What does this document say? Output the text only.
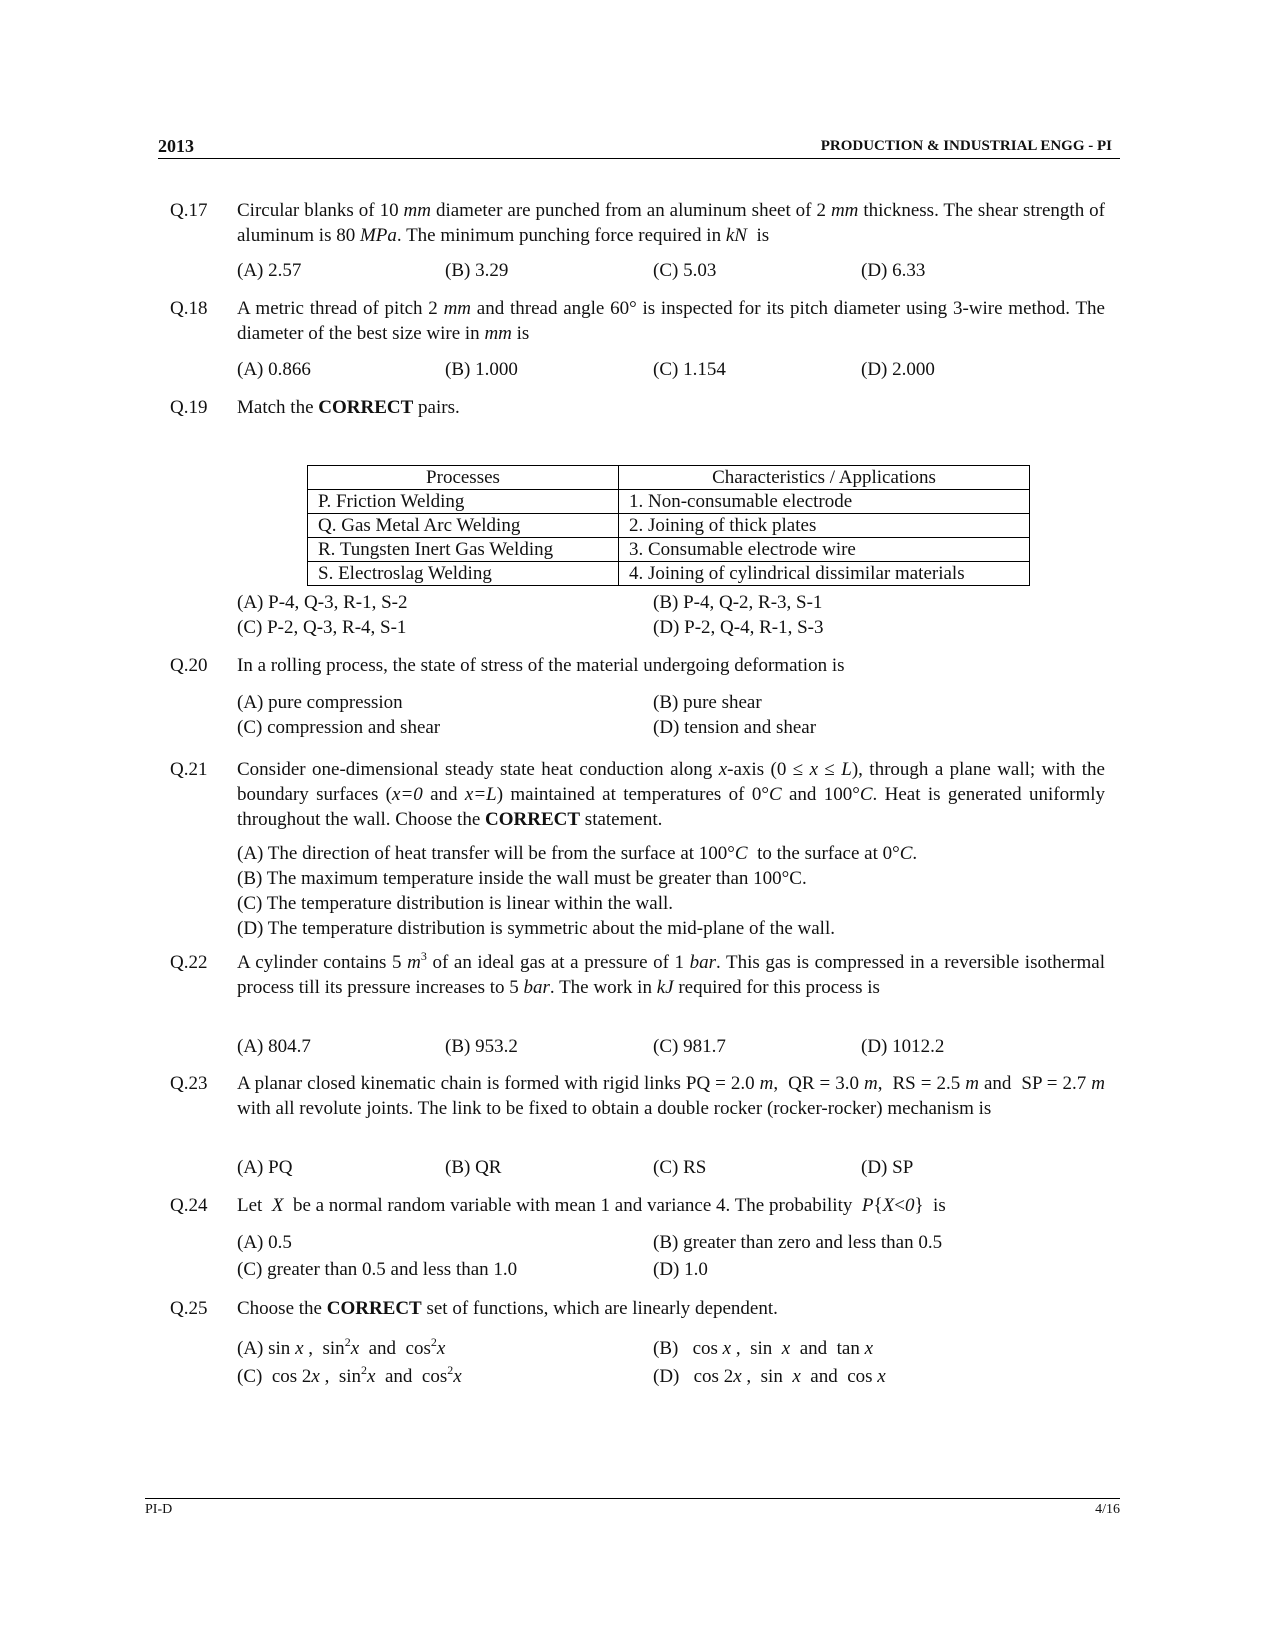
2013	PRODUCTION & INDUSTRIAL ENGG - PI
Q.17	Circular blanks of 10 mm diameter are punched from an aluminum sheet of 2 mm thickness. The shear strength of aluminum is 80 MPa. The minimum punching force required in kN  is
(A) 2.57	(B) 3.29	(C) 5.03	(D) 6.33
Q.18	A metric thread of pitch 2 mm and thread angle 60° is inspected for its pitch diameter using 3-wire method. The diameter of the best size wire in mm is
(A) 0.866	(B) 1.000	(C) 1.154	(D) 2.000
Q.19	Match the CORRECT pairs.
Processes	Characteristics / Applications
P. Friction Welding	1. Non-consumable electrode
Q. Gas Metal Arc Welding	2. Joining of thick plates
R. Tungsten Inert Gas Welding	3. Consumable electrode wire
S. Electroslag Welding	4. Joining of cylindrical dissimilar materials
(A) P-4, Q-3, R-1, S-2	(B) P-4, Q-2, R-3, S-1
(C) P-2, Q-3, R-4, S-1	(D) P-2, Q-4, R-1, S-3
Q.20	In a rolling process, the state of stress of the material undergoing deformation is
(A) pure compression	(B) pure shear
(C) compression and shear	(D) tension and shear
Q.21	Consider one-dimensional steady state heat conduction along x-axis (0 ≤ x ≤ L), through a plane wall; with the boundary surfaces (x=0 and x=L) maintained at temperatures of 0°C and 100°C. Heat is generated uniformly throughout the wall. Choose the CORRECT statement.
(A) The direction of heat transfer will be from the surface at 100°C  to the surface at 0°C.
(B) The maximum temperature inside the wall must be greater than 100°C.
(C) The temperature distribution is linear within the wall.
(D) The temperature distribution is symmetric about the mid-plane of the wall.
Q.22	A cylinder contains 5 $m^3$ of an ideal gas at a pressure of 1 bar. This gas is compressed in a reversible isothermal process till its pressure increases to 5 bar. The work in kJ required for this process is
(A) 804.7	(B) 953.2	(C) 981.7	(D) 1012.2
Q.23	A planar closed kinematic chain is formed with rigid links PQ = 2.0 m,  QR = 3.0 m,  RS = 2.5 m and  SP = 2.7 m with all revolute joints. The link to be fixed to obtain a double rocker (rocker-rocker) mechanism is
(A) PQ	(B) QR	(C) RS	(D) SP
Q.24	Let  X  be a normal random variable with mean 1 and variance 4. The probability  P{X<0}  is
(A) 0.5	(B) greater than zero and less than 0.5
(C) greater than 0.5 and less than 1.0	(D) 1.0
Q.25	Choose the CORRECT set of functions, which are linearly dependent.
(A) sin x ,  $\sin^2x$  and  $\cos^2x$	(B)   cos x ,  sin  x  and  tan x
(C)  cos 2x ,  $\sin^2x$  and  $\cos^2x$	(D)   cos 2x ,  sin  x  and  cos x
PI-D	4/16
